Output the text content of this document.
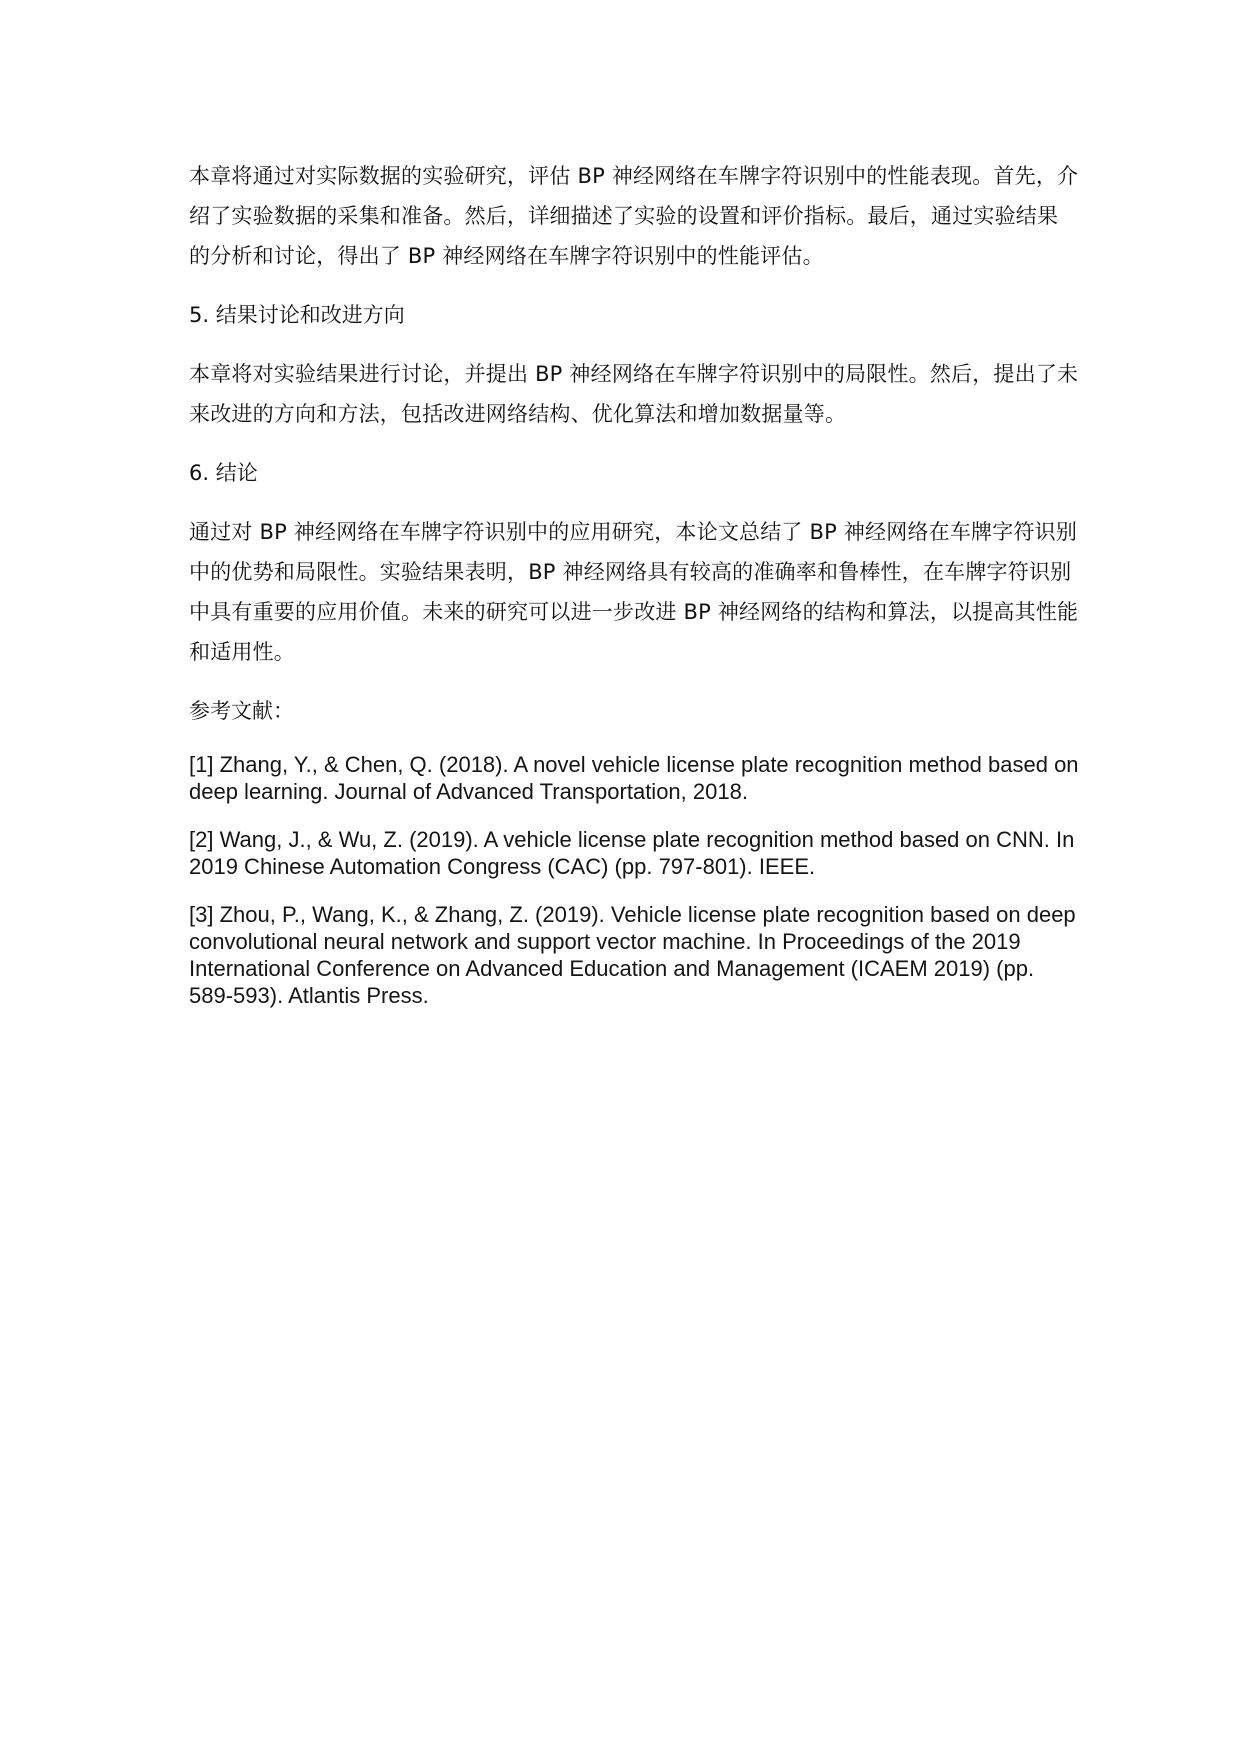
本章将通过对实际数据的实验研究，评估 BP 神经网络在车牌字符识别中的性能表现。首先，介绍了实验数据的采集和准备。然后，详细描述了实验的设置和评价指标。最后，通过实验结果的分析和讨论，得出了 BP 神经网络在车牌字符识别中的性能评估。

5. 结果讨论和改进方向

本章将对实验结果进行讨论，并提出 BP 神经网络在车牌字符识别中的局限性。然后，提出了未来改进的方向和方法，包括改进网络结构、优化算法和增加数据量等。

6. 结论

通过对 BP 神经网络在车牌字符识别中的应用研究，本论文总结了 BP 神经网络在车牌字符识别中的优势和局限性。实验结果表明，BP 神经网络具有较高的准确率和鲁棒性，在车牌字符识别中具有重要的应用价值。未来的研究可以进一步改进 BP 神经网络的结构和算法，以提高其性能和适用性。

参考文献：

[1] Zhang, Y., & Chen, Q. (2018). A novel vehicle license plate recognition method based on deep learning. Journal of Advanced Transportation, 2018.

[2] Wang, J., & Wu, Z. (2019). A vehicle license plate recognition method based on CNN. In 2019 Chinese Automation Congress (CAC) (pp. 797-801). IEEE.

[3] Zhou, P., Wang, K., & Zhang, Z. (2019). Vehicle license plate recognition based on deep convolutional neural network and support vector machine. In Proceedings of the 2019 International Conference on Advanced Education and Management (ICAEM 2019) (pp. 589-593). Atlantis Press.
